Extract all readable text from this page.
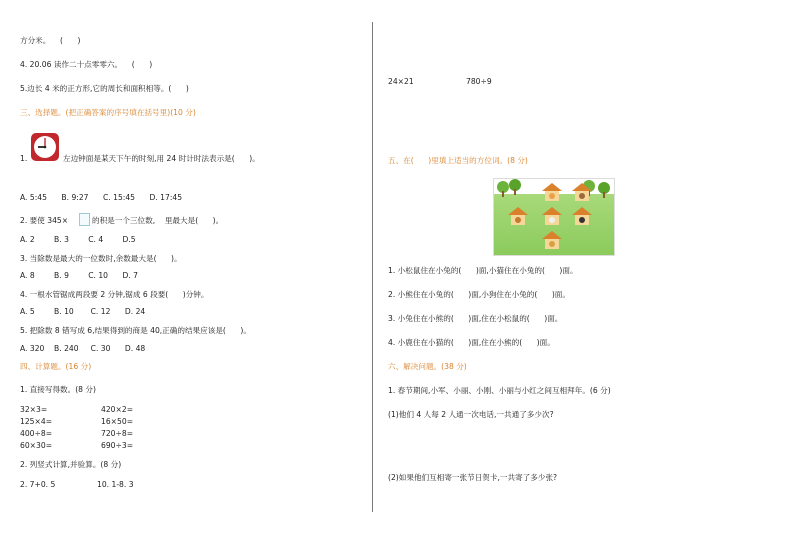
方分米。    (      )
4. 20.06 读作二十点零零六。    (      )
5.边长 4 米的正方形,它的周长和面积相等。(      )
三、选择题。(把正确答案的序号填在括号里)(10 分)
1.	左边钟面是某天下午的时刻,用 24 时计时法表示是(      )。
A. 5:45      B. 9:27      C. 15:45      D. 17:45
2. 要使 345×	的积是一个三位数,    里最大是(      )。
A. 2        B. 3        C. 4        D.5
3. 当除数是最大的一位数时,余数最大是(      )。
A. 8        B. 9        C. 10      D. 7
4. 一根水管锯成两段要 2 分钟,锯成 6 段要(      )分钟。
A. 5        B. 10       C. 12      D. 24
5. 把除数 8 错写成 6,结果得到的商是 40,正确的结果应该是(      )。
A. 320    B. 240     C. 30      D. 48
四、计算题。(16 分)
1. 直接写得数。(8 分)
32×3=	420×2=
125×4=	16×50=
400÷8=	720÷8=
60×30=	690÷3=
2. 列竖式计算,并验算。(8 分)
2. 7+0. 5	10. 1-8. 3
24×21	780÷9
五、在(      )里填上适当的方位词。(8 分)
1. 小松鼠住在小兔的(      )面,小猫住在小兔的(      )面。
2. 小熊住在小兔的(      )面,小狗住在小兔的(      )面。
3. 小兔住在小熊的(      )面,住在小松鼠的(      )面。
4. 小鹿住在小猫的(      )面,住在小熊的(      )面。
六、解决问题。(38 分)
1. 春节期间,小军、小丽、小刚、小丽与小红之间互相拜年。(6 分)
(1)他们 4 人每 2 人通一次电话,一共通了多少次?
(2)如果他们互相寄一张节日贺卡,一共寄了多少张?
